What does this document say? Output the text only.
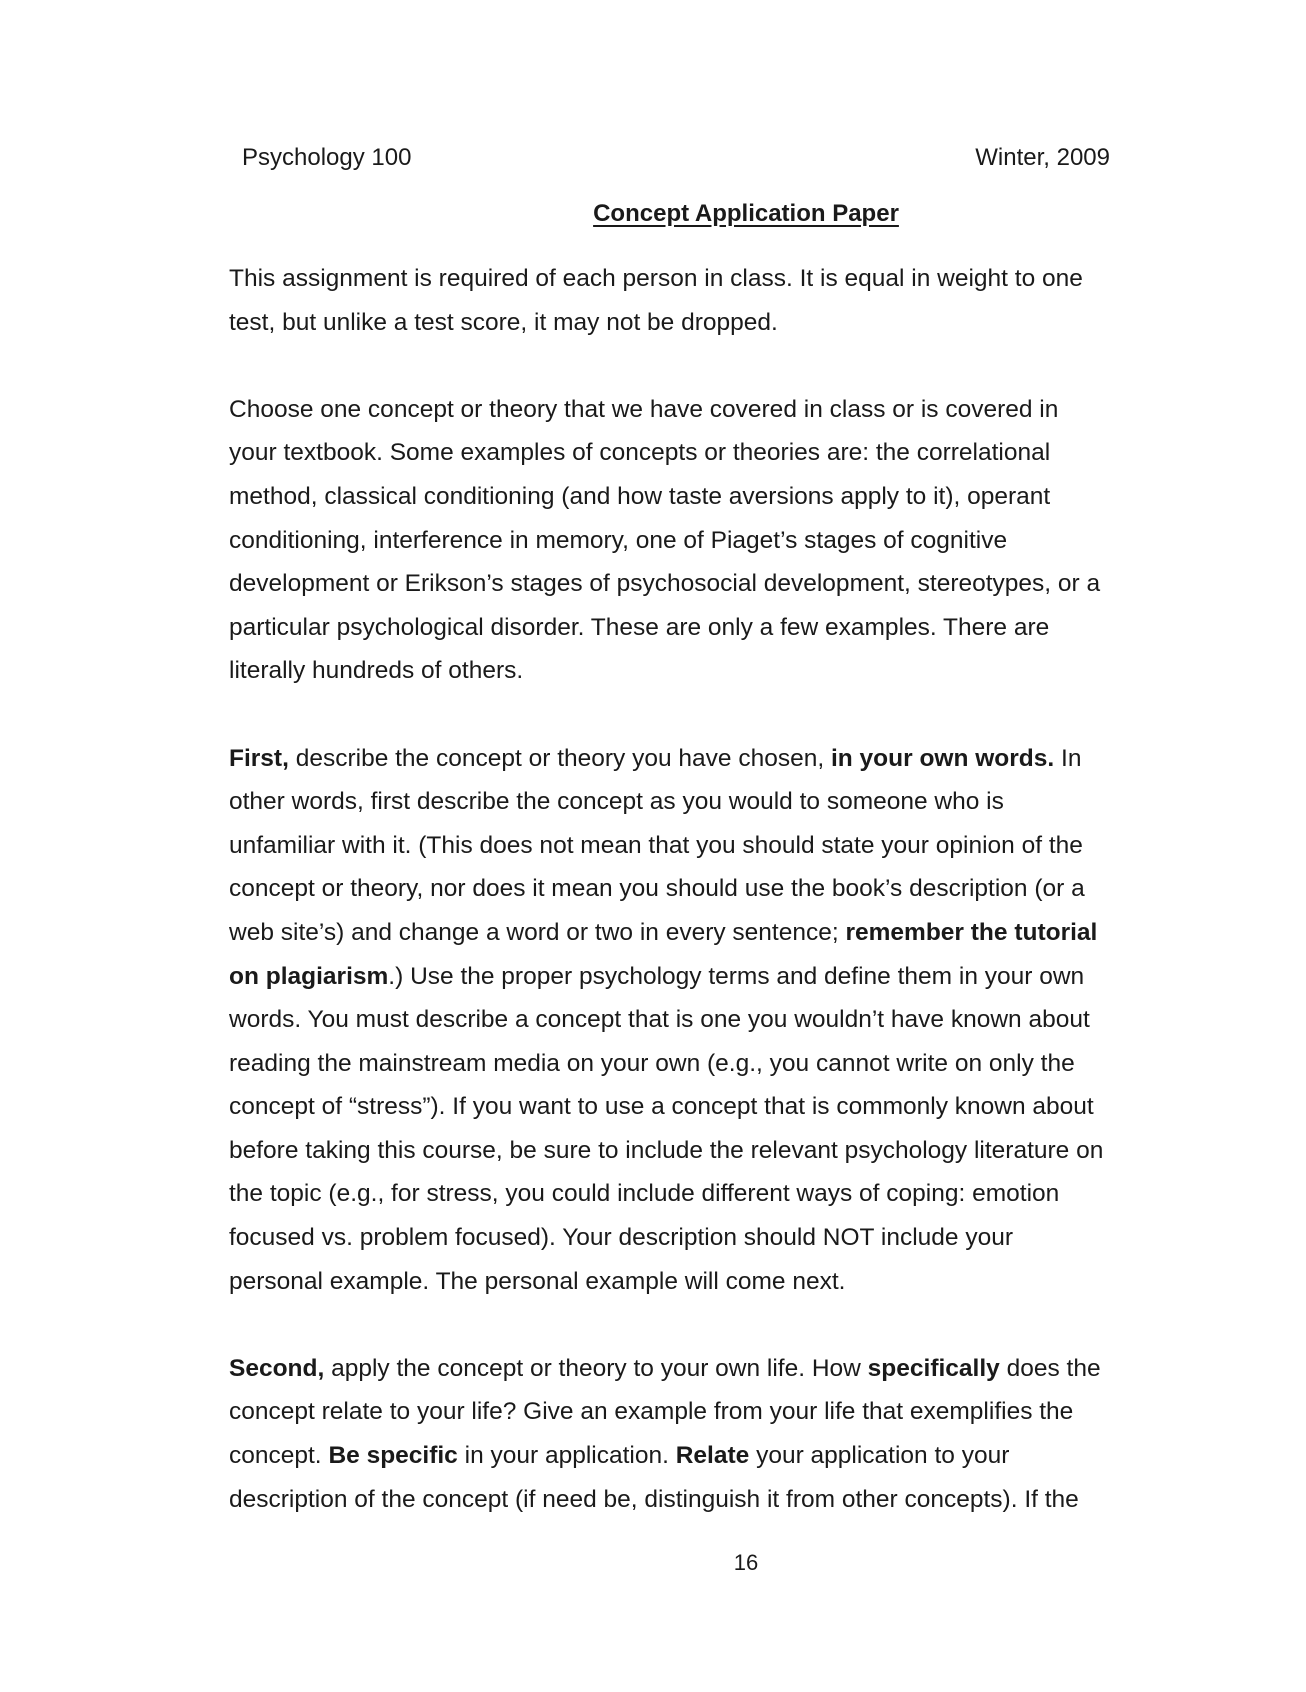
Psychology 100	Winter, 2009
Concept Application Paper

This assignment is required of each person in class. It is equal in weight to one
test, but unlike a test score, it may not be dropped.

Choose one concept or theory that we have covered in class or is covered in
your textbook. Some examples of concepts or theories are: the correlational
method, classical conditioning (and how taste aversions apply to it), operant
conditioning, interference in memory, one of Piaget’s stages of cognitive
development or Erikson’s stages of psychosocial development, stereotypes, or a
particular psychological disorder. These are only a few examples. There are
literally hundreds of others.

First, describe the concept or theory you have chosen, in your own words. In
other words, first describe the concept as you would to someone who is
unfamiliar with it. (This does not mean that you should state your opinion of the
concept or theory, nor does it mean you should use the book’s description (or a
web site’s) and change a word or two in every sentence; remember the tutorial
on plagiarism.) Use the proper psychology terms and define them in your own
words. You must describe a concept that is one you wouldn’t have known about
reading the mainstream media on your own (e.g., you cannot write on only the
concept of “stress”). If you want to use a concept that is commonly known about
before taking this course, be sure to include the relevant psychology literature on
the topic (e.g., for stress, you could include different ways of coping: emotion
focused vs. problem focused). Your description should NOT include your
personal example. The personal example will come next.

Second, apply the concept or theory to your own life. How specifically does the
concept relate to your life? Give an example from your life that exemplifies the
concept. Be specific in your application. Relate your application to your
description of the concept (if need be, distinguish it from other concepts). If the

16
